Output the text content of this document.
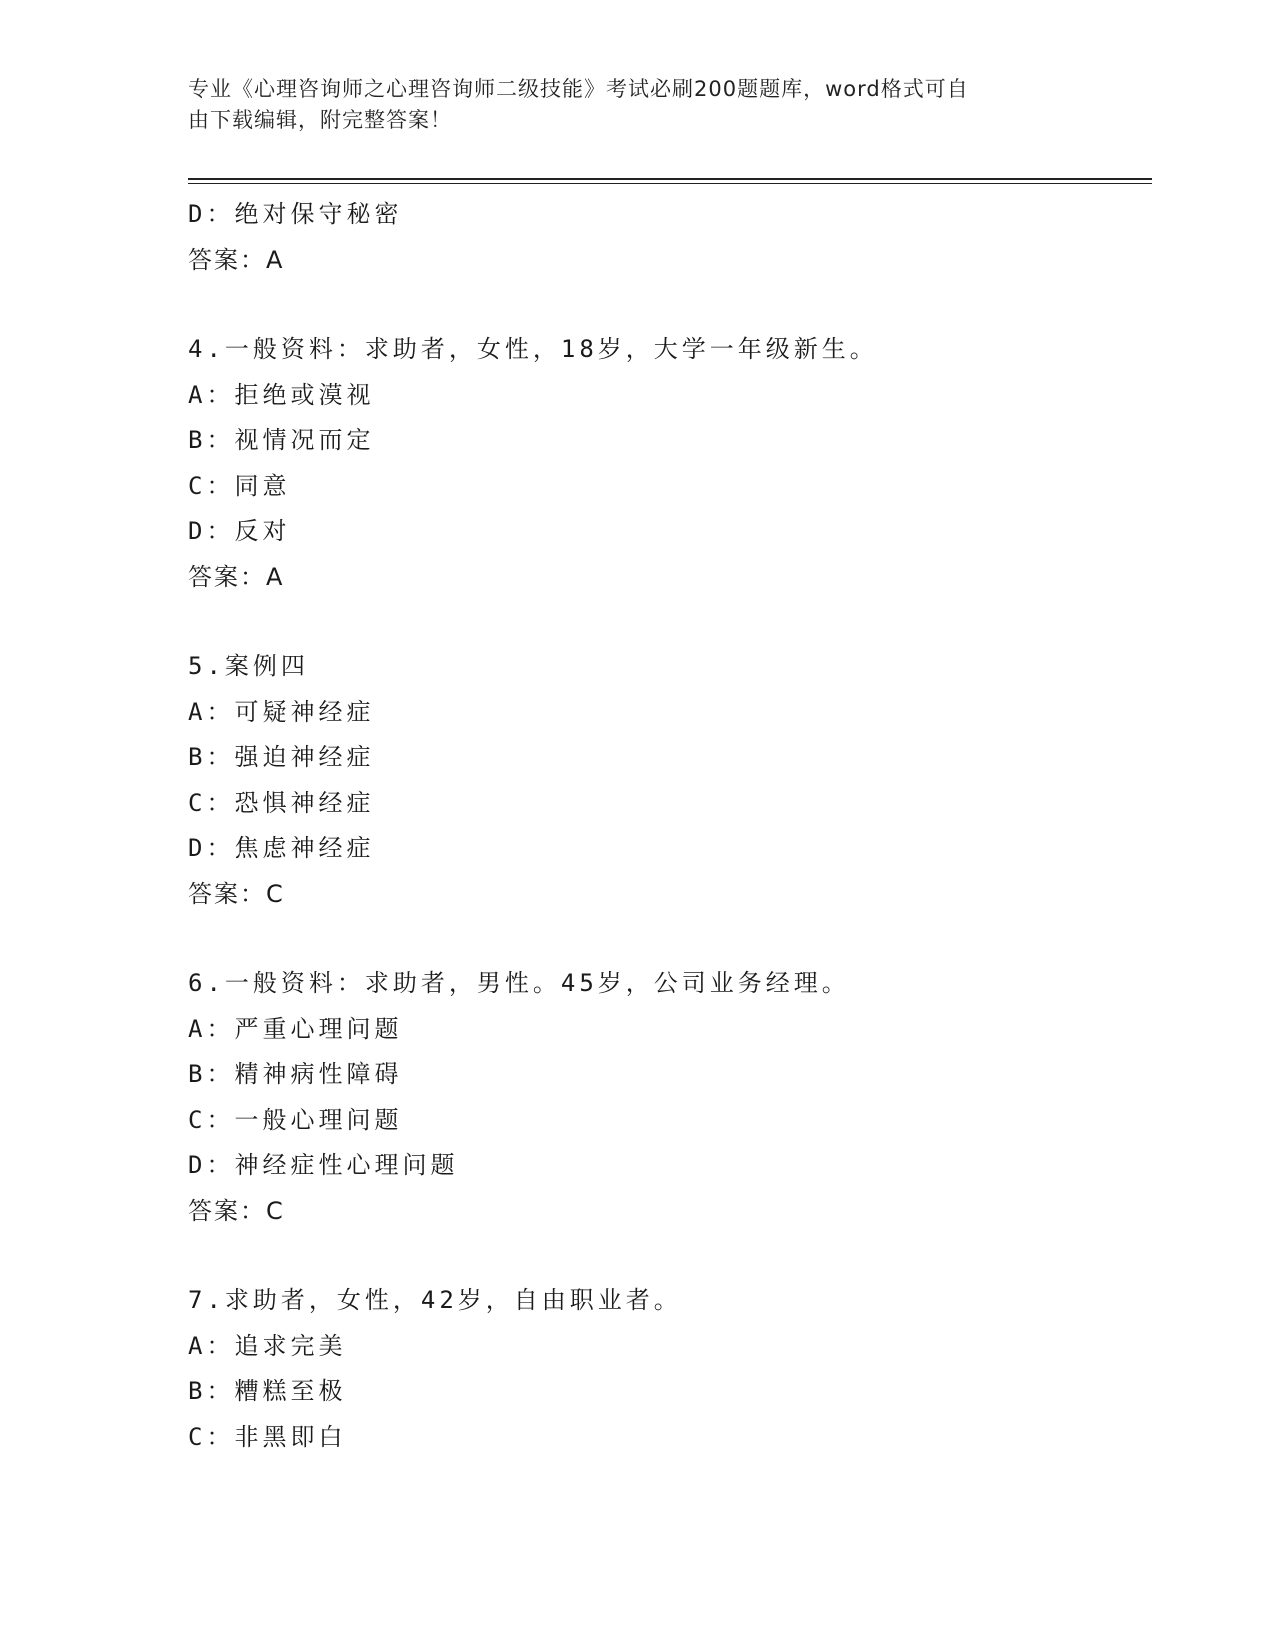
专业《心理咨询师之心理咨询师二级技能》考试必刷200题题库，word格式可自
由下载编辑，附完整答案！
D：绝对保守秘密
答案：A
4.一般资料：求助者，女性，18岁，大学一年级新生。
A：拒绝或漠视
B：视情况而定
C：同意
D：反对
答案：A
5.案例四
A：可疑神经症
B：强迫神经症
C：恐惧神经症
D：焦虑神经症
答案：C
6.一般资料：求助者，男性。45岁，公司业务经理。
A：严重心理问题
B：精神病性障碍
C：一般心理问题
D：神经症性心理问题
答案：C
7.求助者，女性，42岁，自由职业者。
A：追求完美
B：糟糕至极
C：非黑即白
